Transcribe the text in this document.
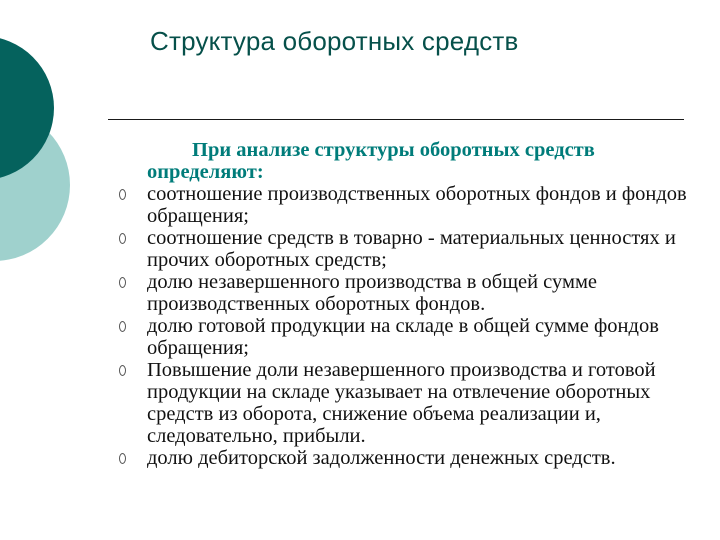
Структура оборотных средств

При анализе структуры оборотных средств определяют:

соотношение производственных оборотных фондов и фондов обращения;
соотношение средств в товарно - материальных ценностях и прочих оборотных средств;
долю незавершенного производства в общей сумме производственных оборотных фондов.
долю готовой продукции на складе в общей сумме фондов обращения;
Повышение доли незавершенного производства и готовой продукции на складе указывает на отвлечение оборотных средств из оборота, снижение объема реализации и, следовательно, прибыли.
долю дебиторской задолженности денежных средств.
